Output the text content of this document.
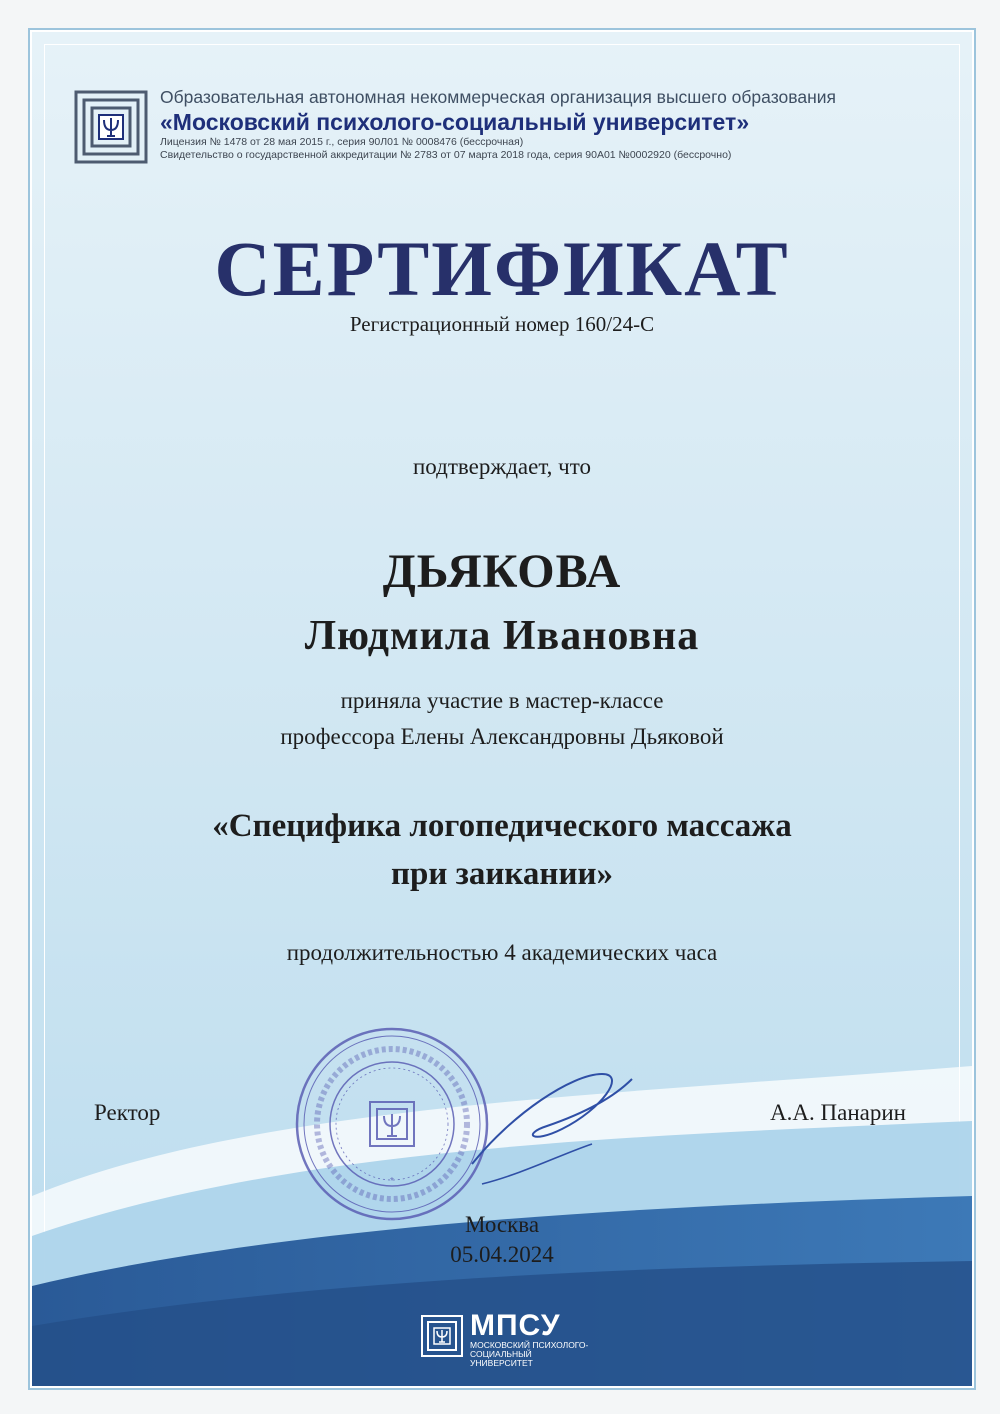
Образовательная автономная некоммерческая организация высшего образования
«Московский психолого-социальный университет»
Лицензия № 1478 от 28 мая 2015 г., серия 90Л01 № 0008476 (бессрочная)
Свидетельство о государственной аккредитации № 2783 от 07 марта 2018 года, серия 90А01 №0002920 (бессрочно)
СЕРТИФИКАТ
Регистрационный номер 160/24-С
подтверждает, что
ДЬЯКОВА
Людмила Ивановна
приняла участие в мастер-классе
профессора Елены Александровны Дьяковой
«Специфика логопедического массажа
при заикании»
продолжительностью 4 академических часа
*
Ректор	А.А. Панарин
Москва
05.04.2024
МПСУ
МОСКОВСКИЙ ПСИХОЛОГО-СОЦИАЛЬНЫЙ УНИВЕРСИТЕТ
